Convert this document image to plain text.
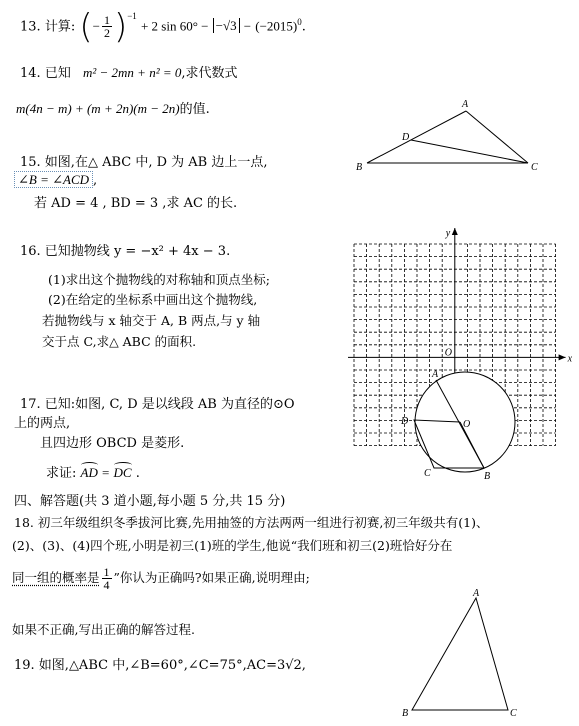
13. 计算: (− $\frac{1}{2} )^{-1} + 2$ $\sin 60^\circ - -√3 - (-2015)^0$.
14. 已知 m² − 2mn + n² = 0,求代数式
m(4n − m) + (m + 2n)(m − 2n)的值.
15. 如图,在△ ABC 中, D 为 AB 边上一点,
∠B = ∠ACD ,
若 AD = 4 , BD = 3 ,求 AC 的长.
A
B	C
D
16. 已知抛物线 y = −x² + 4x − 3.
(1)求出这个抛物线的对称轴和顶点坐标;
(2)在给定的坐标系中画出这个抛物线,
若抛物线与 x 轴交于 A, B 两点,与 y 轴
交于点 C,求△ ABC 的面积.
x
y
O
17. 已知:如图, C, D 是以线段 AB 为直径的⊙O
上的两点,
且四边形 OBCD 是菱形.
求证: AD = DC .
A
B
C
D	O
四、解答题(共 3 道小题,每小题 5 分,共 15 分)
18. 初三年级组织冬季拔河比赛,先用抽签的方法两两一组进行初赛,初三年级共有(1)、
(2)、(3)、(4)四个班,小明是初三(1)班的学生,他说“我们班和初三(2)班恰好分在
同一组的概率是 $\frac{1}{4}$ ”你认为正确吗?如果正确,说明理由;
如果不正确,写出正确的解答过程.
19. 如图,△ABC 中,∠B=60°,∠C=75°,AC=3√2,
A
B	C
